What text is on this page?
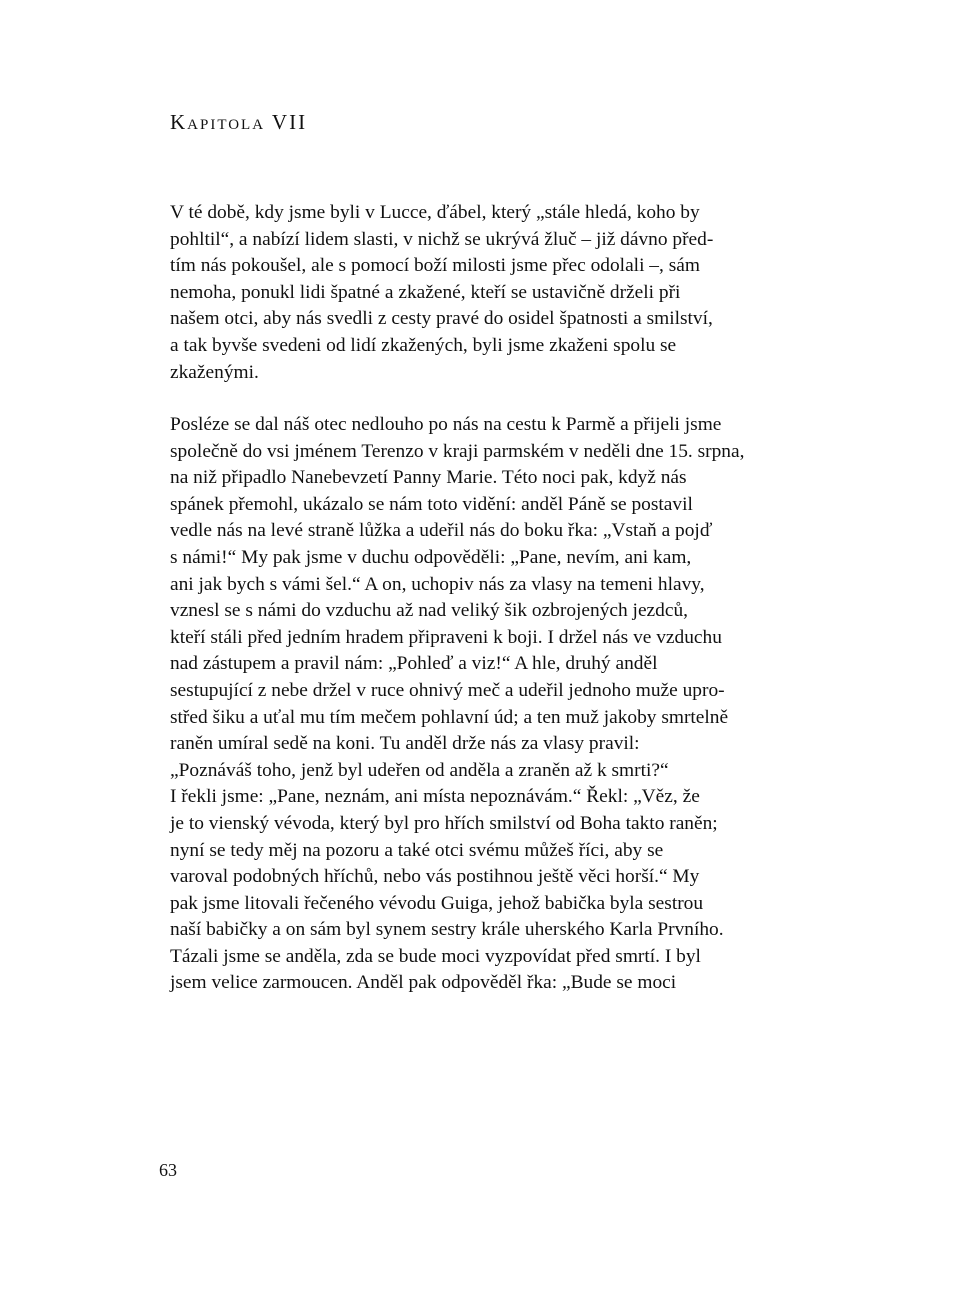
Kapitola VII
V té době, kdy jsme byli v Lucce, ďábel, který „stále hledá, koho by
pohltil“, a nabízí lidem slasti, v nichž se ukrývá žluč – již dávno před-
tím nás pokoušel, ale s pomocí boží milosti jsme přec odolali –, sám
nemoha, ponukl lidi špatné a zkažené, kteří se ustavičně drželi při
našem otci, aby nás svedli z cesty pravé do osidel špatnosti a smilství,
a tak byvše svedeni od lidí zkažených, byli jsme zkaženi spolu se
zkaženými.
Posléze se dal náš otec nedlouho po nás na cestu k Parmě a přijeli jsme
společně do vsi jménem Terenzo v kraji parmském v neděli dne 15. srpna,
na niž připadlo Nanebevzetí Panny Marie. Této noci pak, když nás
spánek přemohl, ukázalo se nám toto vidění: anděl Páně se postavil
vedle nás na levé straně lůžka a udeřil nás do boku řka: „Vstaň a pojď
s námi!“ My pak jsme v duchu odpověděli: „Pane, nevím, ani kam,
ani jak bych s vámi šel.“ A on, uchopiv nás za vlasy na temeni hlavy,
vznesl se s námi do vzduchu až nad veliký šik ozbrojených jezdců,
kteří stáli před jedním hradem připraveni k boji. I držel nás ve vzduchu
nad zástupem a pravil nám: „Pohleď a viz!“ A hle, druhý anděl
sestupující z nebe držel v ruce ohnivý meč a udeřil jednoho muže upro-
střed šiku a uťal mu tím mečem pohlavní úd; a ten muž jakoby smrtelně
raněn umíral sedě na koni. Tu anděl drže nás za vlasy pravil:
„Poznáváš toho, jenž byl udeřen od anděla a zraněn až k smrti?“
I řekli jsme: „Pane, neznám, ani místa nepoznávám.“ Řekl: „Věz, že
je to vienský vévoda, který byl pro hřích smilství od Boha takto raněn;
nyní se tedy měj na pozoru a také otci svému můžeš říci, aby se
varoval podobných hříchů, nebo vás postihnou ještě věci horší.“ My
pak jsme litovali řečeného vévodu Guiga, jehož babička byla sestrou
naší babičky a on sám byl synem sestry krále uherského Karla Prvního.
Tázali jsme se anděla, zda se bude moci vyzpovídat před smrtí. I byl
jsem velice zarmoucen. Anděl pak odpověděl řka: „Bude se moci
63
